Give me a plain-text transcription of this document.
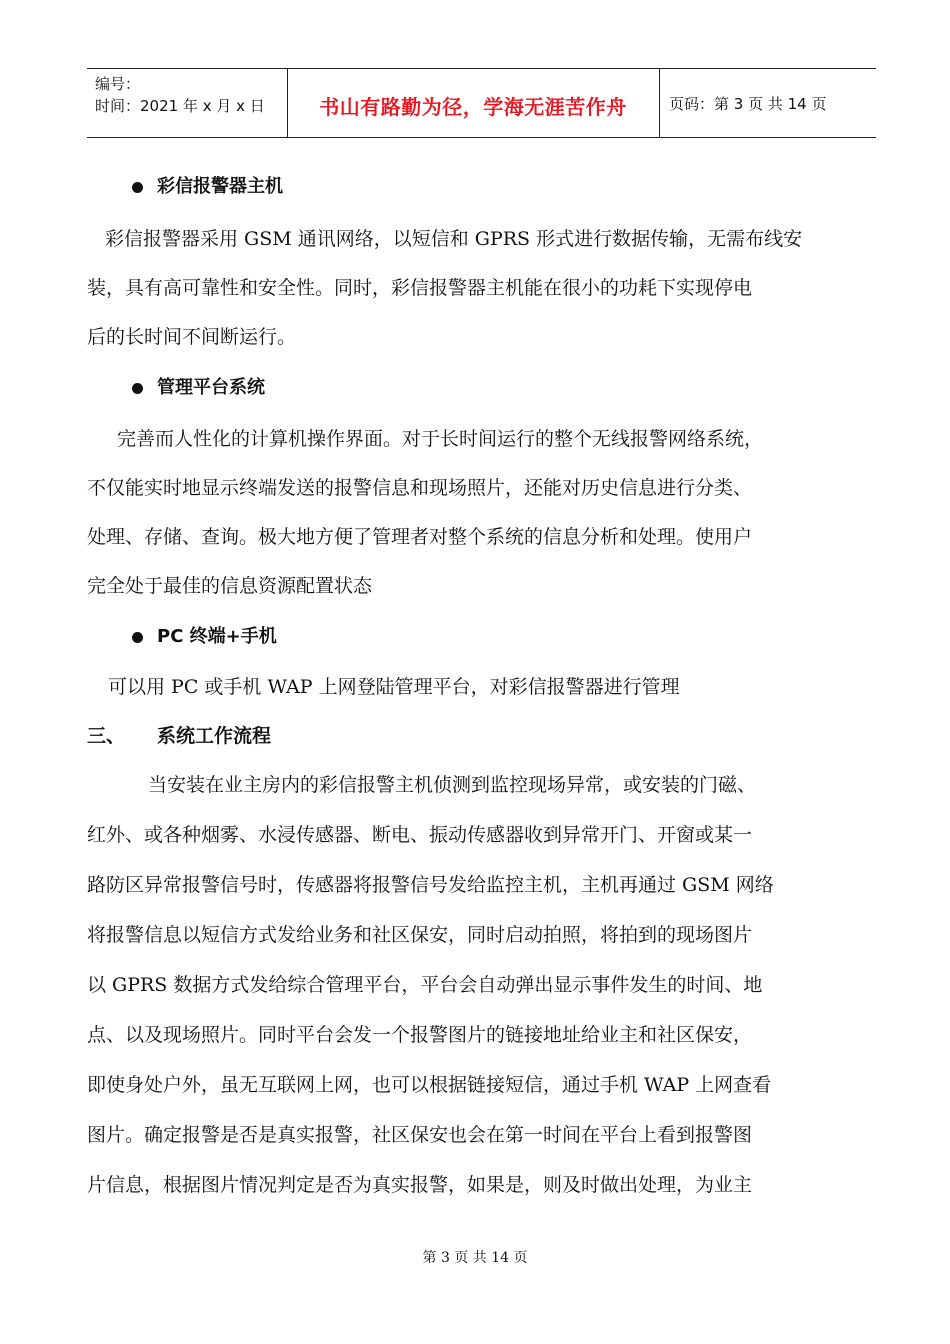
编号：
时间：2021 年 x 月 x 日	书山有路勤为径，学海无涯苦作舟	页码：第 3 页 共 14 页
彩信报警器主机
彩信报警器采用 GSM 通讯网络，以短信和 GPRS 形式进行数据传输，无需布线安
装，具有高可靠性和安全性。同时，彩信报警器主机能在很小的功耗下实现停电
后的长时间不间断运行。
管理平台系统
完善而人性化的计算机操作界面。对于长时间运行的整个无线报警网络系统，
不仅能实时地显示终端发送的报警信息和现场照片，还能对历史信息进行分类、
处理、存储、查询。极大地方便了管理者对整个系统的信息分析和处理。使用户
完全处于最佳的信息资源配置状态
PC 终端+手机
可以用 PC 或手机 WAP 上网登陆管理平台，对彩信报警器进行管理
三、 系统工作流程
当安装在业主房内的彩信报警主机侦测到监控现场异常，或安装的门磁、
红外、或各种烟雾、水浸传感器、断电、振动传感器收到异常开门、开窗或某一
路防区异常报警信号时，传感器将报警信号发给监控主机，主机再通过 GSM 网络
将报警信息以短信方式发给业务和社区保安，同时启动拍照，将拍到的现场图片
以 GPRS 数据方式发给综合管理平台，平台会自动弹出显示事件发生的时间、地
点、以及现场照片。同时平台会发一个报警图片的链接地址给业主和社区保安，
即使身处户外，虽无互联网上网，也可以根据链接短信，通过手机 WAP 上网查看
图片。确定报警是否是真实报警，社区保安也会在第一时间在平台上看到报警图
片信息，根据图片情况判定是否为真实报警，如果是，则及时做出处理，为业主
第 3 页 共 14 页
